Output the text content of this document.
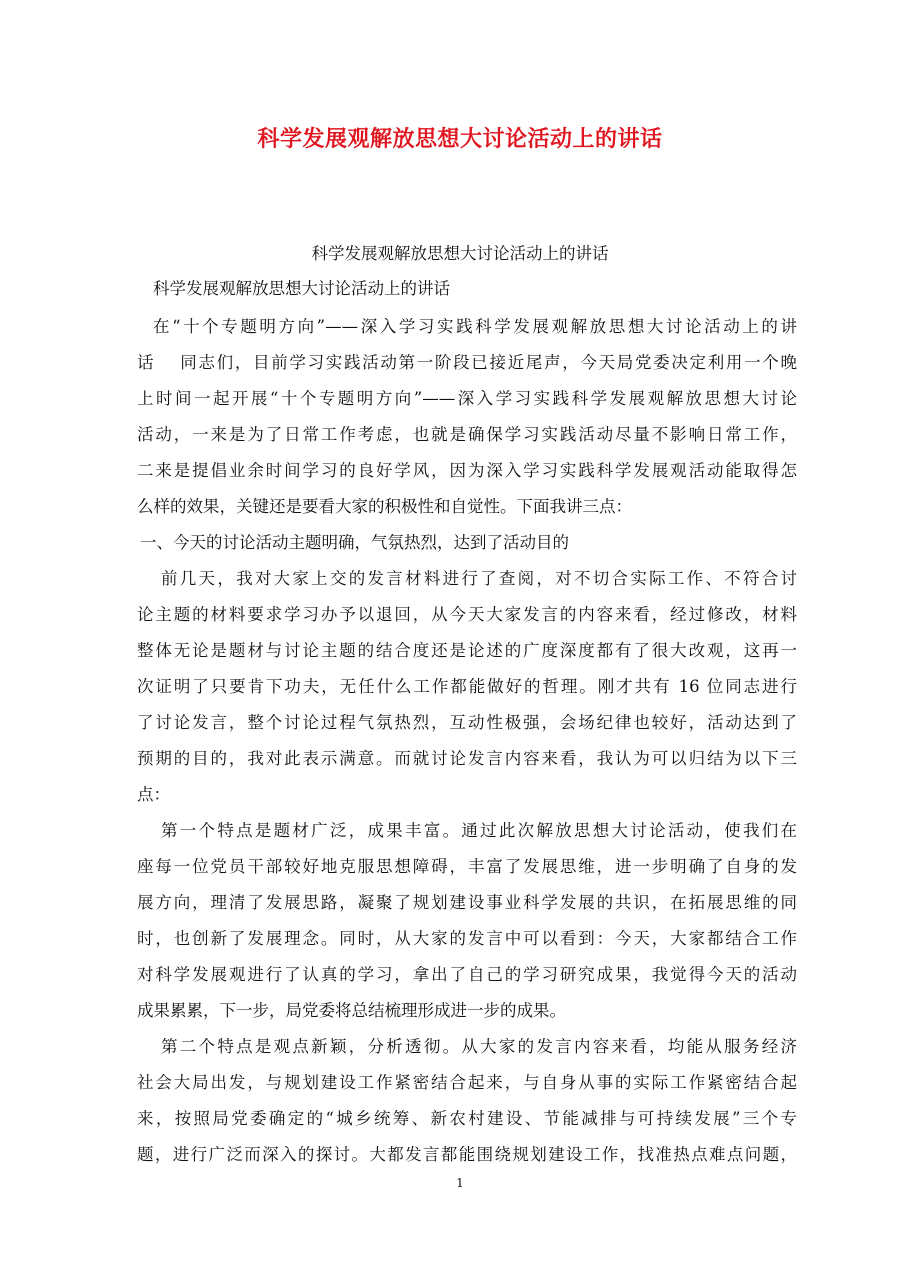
科学发展观解放思想大讨论活动上的讲话
科学发展观解放思想大讨论活动上的讲话
科学发展观解放思想大讨论活动上的讲话
在“十个专题明方向”——深入学习实践科学发展观解放思想大讨论活动上的讲
话　 同志们，目前学习实践活动第一阶段已接近尾声，今天局党委决定利用一个晚
上时间一起开展“十个专题明方向”——深入学习实践科学发展观解放思想大讨论
活动，一来是为了日常工作考虑，也就是确保学习实践活动尽量不影响日常工作，
二来是提倡业余时间学习的良好学风，因为深入学习实践科学发展观活动能取得怎
么样的效果，关键还是要看大家的积极性和自觉性。下面我讲三点：
一、今天的讨论活动主题明确，气氛热烈，达到了活动目的
前几天，我对大家上交的发言材料进行了查阅，对不切合实际工作、不符合讨
论主题的材料要求学习办予以退回，从今天大家发言的内容来看，经过修改，材料
整体无论是题材与讨论主题的结合度还是论述的广度深度都有了很大改观，这再一
次证明了只要肯下功夫，无任什么工作都能做好的哲理。刚才共有 16 位同志进行
了讨论发言，整个讨论过程气氛热烈，互动性极强，会场纪律也较好，活动达到了
预期的目的，我对此表示满意。而就讨论发言内容来看，我认为可以归结为以下三
点：
第一个特点是题材广泛，成果丰富。通过此次解放思想大讨论活动，使我们在
座每一位党员干部较好地克服思想障碍，丰富了发展思维，进一步明确了自身的发
展方向，理清了发展思路，凝聚了规划建设事业科学发展的共识，在拓展思维的同
时，也创新了发展理念。同时，从大家的发言中可以看到：今天，大家都结合工作
对科学发展观进行了认真的学习，拿出了自己的学习研究成果，我觉得今天的活动
成果累累，下一步，局党委将总结梳理形成进一步的成果。
第二个特点是观点新颖，分析透彻。从大家的发言内容来看，均能从服务经济
社会大局出发，与规划建设工作紧密结合起来，与自身从事的实际工作紧密结合起
来，按照局党委确定的“城乡统筹、新农村建设、节能减排与可持续发展”三个专
题，进行广泛而深入的探讨。大都发言都能围绕规划建设工作，找准热点难点问题，
1
